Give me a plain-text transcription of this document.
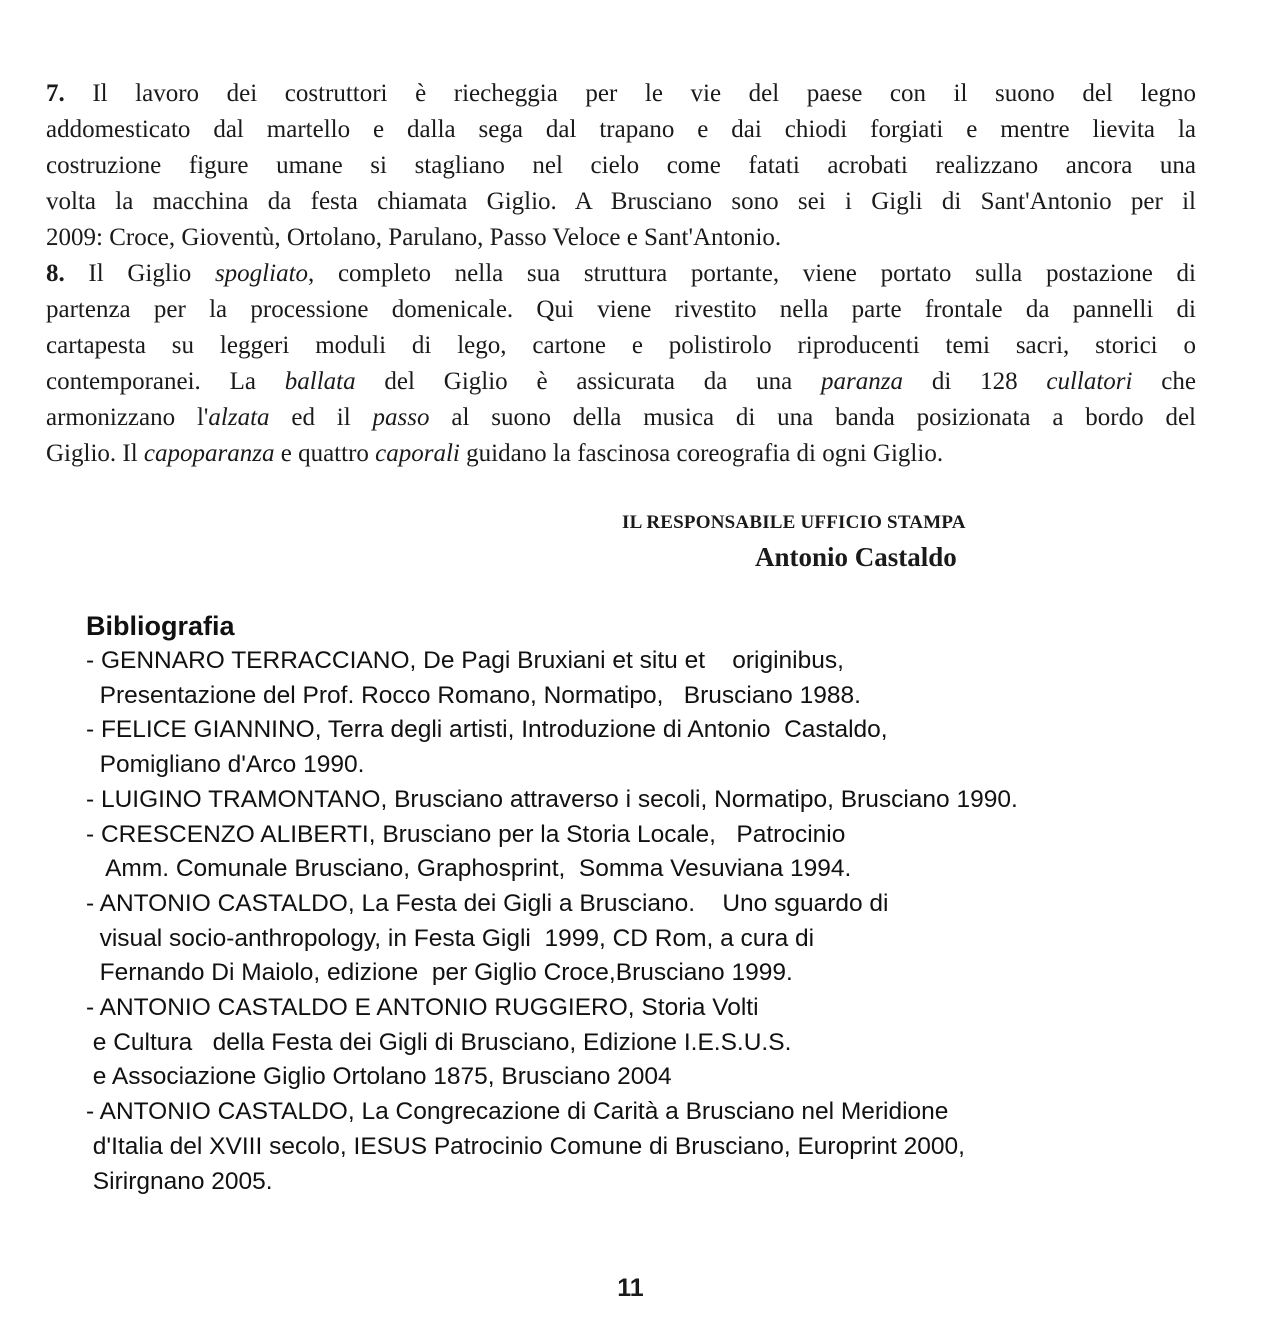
7. Il lavoro dei costruttori è riecheggia per le vie del paese con il suono del legno
addomesticato dal martello e dalla sega dal trapano e dai chiodi forgiati e mentre lievita la
costruzione figure umane si stagliano nel cielo come fatati acrobati realizzano ancora una
volta la macchina da festa chiamata Giglio. A Brusciano sono sei i Gigli di Sant'Antonio per il
2009: Croce, Gioventù, Ortolano, Parulano, Passo Veloce e Sant'Antonio.
8. Il Giglio spogliato, completo nella sua struttura portante, viene portato sulla postazione di
partenza per la processione domenicale. Qui viene rivestito nella parte frontale da pannelli di
cartapesta su leggeri moduli di lego, cartone e polistirolo riproducenti temi sacri, storici o
contemporanei. La ballata del Giglio è assicurata da una paranza di 128 cullatori che
armonizzano l'alzata ed il passo al suono della musica di una banda posizionata a bordo del
Giglio. Il capoparanza e quattro caporali guidano la fascinosa coreografia di ogni Giglio.
IL RESPONSABILE UFFICIO STAMPA
Antonio Castaldo
Bibliografia
- GENNARO TERRACCIANO, De Pagi Bruxiani et situ et    originibus,
Presentazione del Prof. Rocco Romano, Normatipo,   Brusciano 1988.
- FELICE GIANNINO, Terra degli artisti, Introduzione di Antonio  Castaldo,
Pomigliano d'Arco 1990.
- LUIGINO TRAMONTANO, Brusciano attraverso i secoli, Normatipo, Brusciano 1990.
- CRESCENZO ALIBERTI, Brusciano per la Storia Locale,   Patrocinio
Amm. Comunale Brusciano, Graphosprint,  Somma Vesuviana 1994.
- ANTONIO CASTALDO, La Festa dei Gigli a Brusciano.    Uno sguardo di
visual socio-anthropology, in Festa Gigli  1999, CD Rom, a cura di
Fernando Di Maiolo, edizione  per Giglio Croce,Brusciano 1999.
- ANTONIO CASTALDO E ANTONIO RUGGIERO, Storia Volti
e Cultura   della Festa dei Gigli di Brusciano, Edizione I.E.S.U.S.
e Associazione Giglio Ortolano 1875, Brusciano 2004
- ANTONIO CASTALDO, La Congrecazione di Carità a Brusciano nel Meridione
d'Italia del XVIII secolo, IESUS Patrocinio Comune di Brusciano, Europrint 2000,
Sirirgnano 2005.
11
